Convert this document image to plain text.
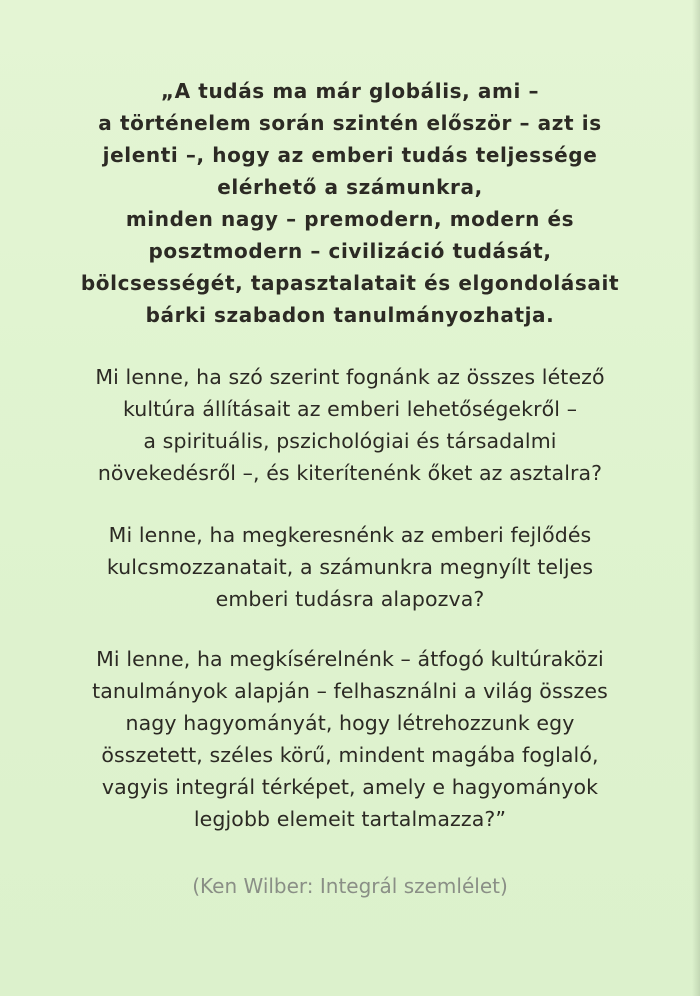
„A tudás ma már globális, ami –
a történelem során szintén először – azt is
jelenti –, hogy az emberi tudás teljessége
elérhető a számunkra,
minden nagy – premodern, modern és
posztmodern – civilizáció tudását,
bölcsességét, tapasztalatait és elgondolásait
bárki szabadon tanulmányozhatja.

Mi lenne, ha szó szerint fognánk az összes létező
kultúra állításait az emberi lehetőségekről –
a spirituális, pszichológiai és társadalmi
növekedésről –, és kiterítenénk őket az asztalra?

Mi lenne, ha megkeresnénk az emberi fejlődés
kulcsmozzanatait, a számunkra megnyílt teljes
emberi tudásra alapozva?

Mi lenne, ha megkísérelnénk – átfogó kultúraközi
tanulmányok alapján – felhasználni a világ összes
nagy hagyományát, hogy létrehozzunk egy
összetett, széles körű, mindent magába foglaló,
vagyis integrál térképet, amely e hagyományok
legjobb elemeit tartalmazza?”

(Ken Wilber: Integrál szemlélet)
